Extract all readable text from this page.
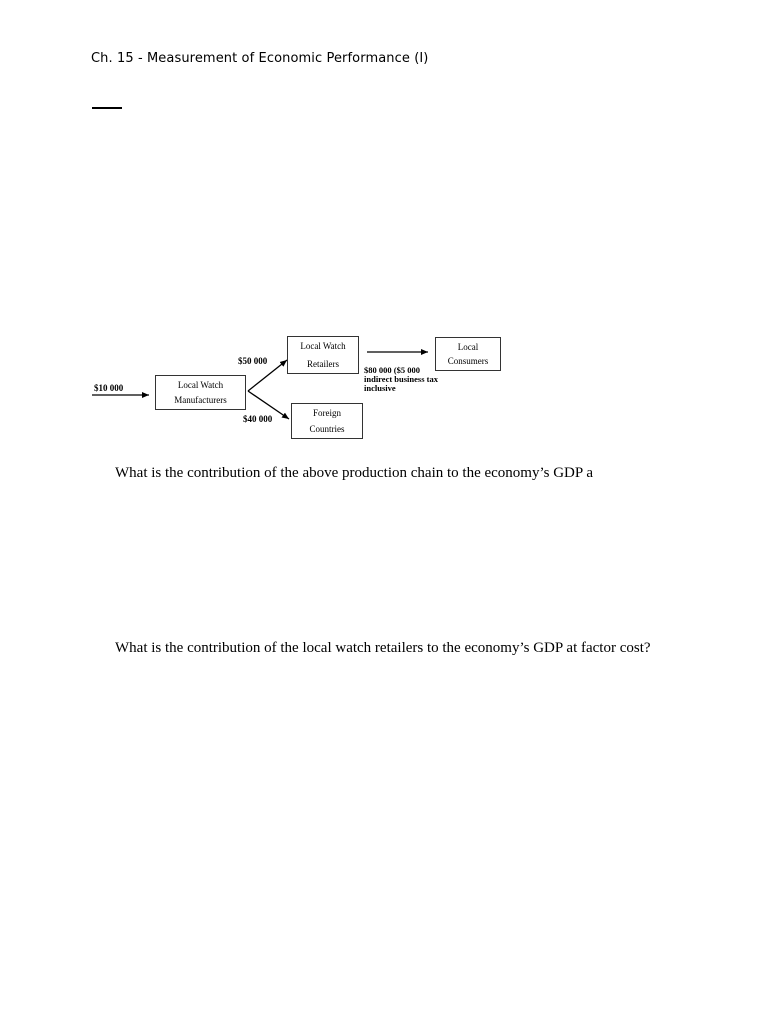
Ch. 15 - Measurement of Economic Performance (I)
Local Watch
Manufacturers
Local Watch
Retailers
Foreign
Countries
Local
Consumers
$10 000
$50 000
$40 000
$80 000 ($5 000
indirect business tax
inclusive
What is the contribution of the above production chain to the economy’s GDP a
What is the contribution of the local watch retailers to the economy’s GDP at factor cost?
